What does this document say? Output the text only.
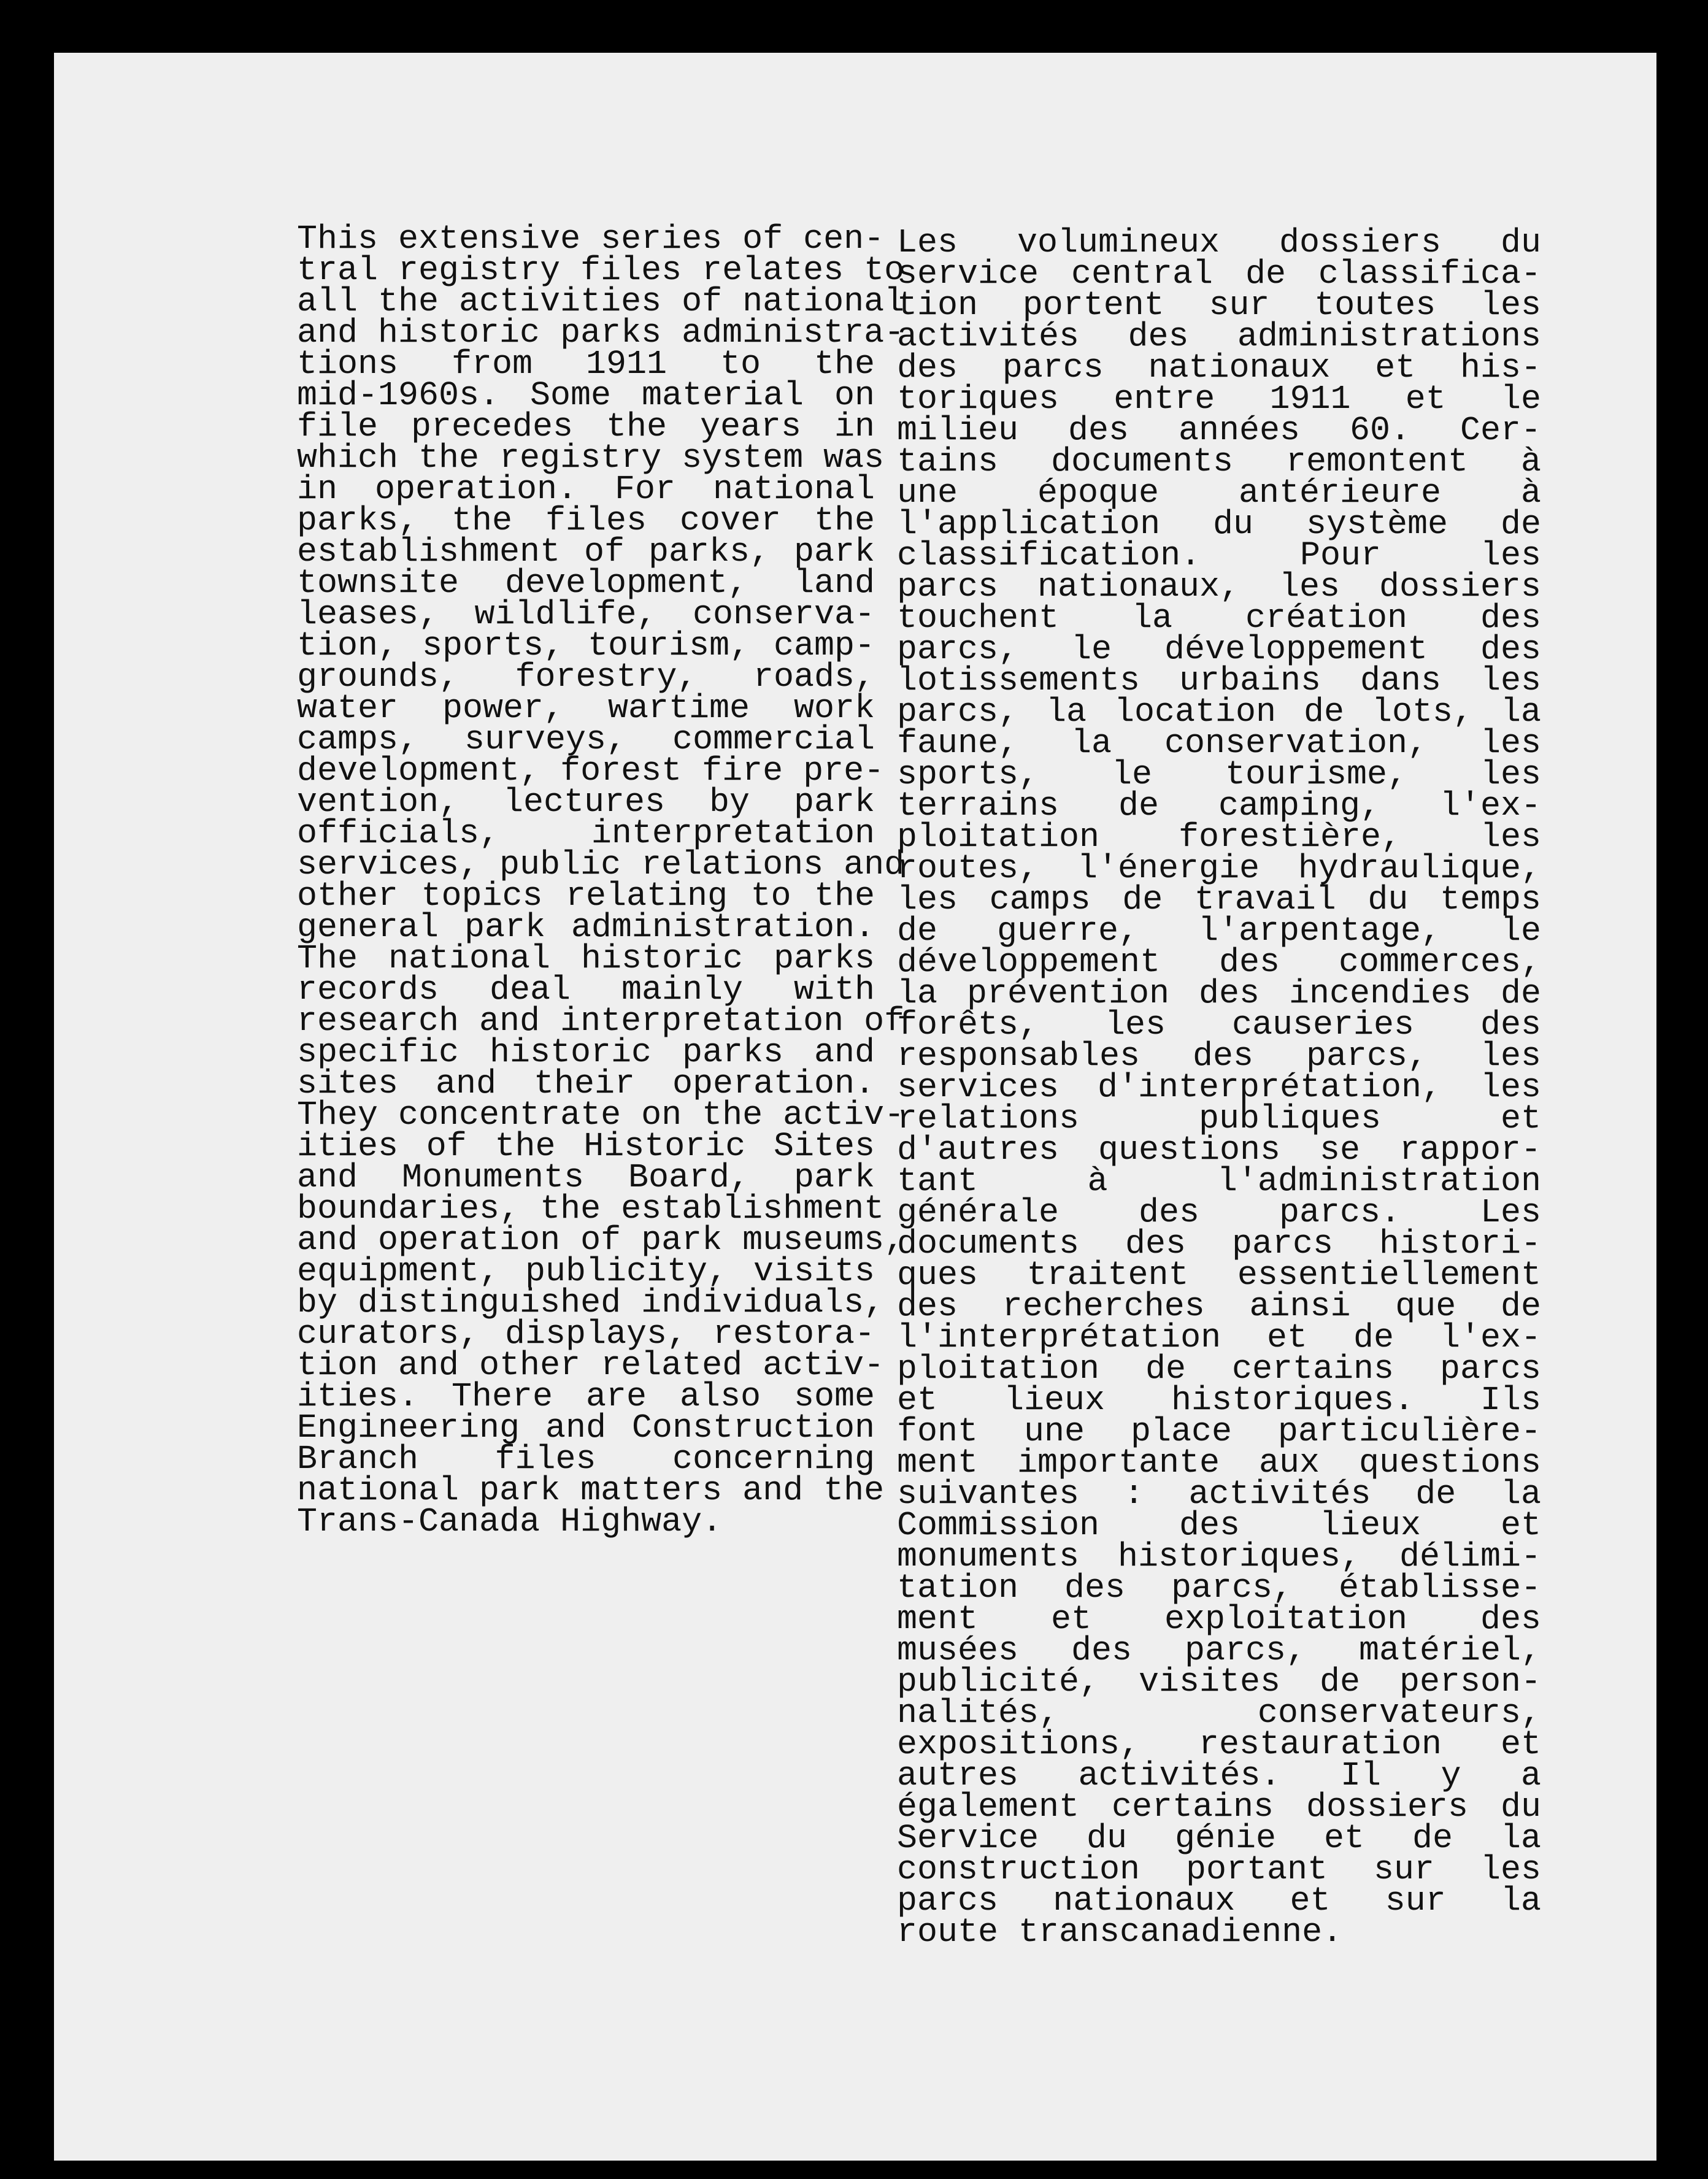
This extensive series of cen-
tral registry files relates to
all the activities of national
and historic parks administra-
tions from 1911 to the
mid-1960s. Some material on
file precedes the years in
which the registry system was
in operation. For national
parks, the files cover the
establishment of parks, park
townsite development, land
leases, wildlife, conserva-
tion, sports, tourism, camp-
grounds, forestry, roads,
water power, wartime work
camps, surveys, commercial
development, forest fire pre-
vention, lectures by park
officials, interpretation
services, public relations and
other topics relating to the
general park administration.
The national historic parks
records deal mainly with
research and interpretation of
specific historic parks and
sites and their operation.
They concentrate on the activ-
ities of the Historic Sites
and Monuments Board, park
boundaries, the establishment
and operation of park museums,
equipment, publicity, visits
by distinguished individuals,
curators, displays, restora-
tion and other related activ-
ities. There are also some
Engineering and Construction
Branch files concerning
national park matters and the
Trans-Canada Highway.
Les volumineux dossiers du
service central de classifica-
tion portent sur toutes les
activités des administrations
des parcs nationaux et his-
toriques entre 1911 et le
milieu des années 60. Cer-
tains documents remontent à
une époque antérieure à
l'application du système de
classification. Pour les
parcs nationaux, les dossiers
touchent la création des
parcs, le développement des
lotissements urbains dans les
parcs, la location de lots, la
faune, la conservation, les
sports, le tourisme, les
terrains de camping, l'ex-
ploitation forestière, les
routes, l'énergie hydraulique,
les camps de travail du temps
de guerre, l'arpentage, le
développement des commerces,
la prévention des incendies de
forêts, les causeries des
responsables des parcs, les
services d'interprétation, les
relations publiques et
d'autres questions se rappor-
tant à l'administration
générale des parcs. Les
documents des parcs histori-
ques traitent essentiellement
des recherches ainsi que de
l'interprétation et de l'ex-
ploitation de certains parcs
et lieux historiques. Ils
font une place particulière-
ment importante aux questions
suivantes : activités de la
Commission des lieux et
monuments historiques, délimi-
tation des parcs, établisse-
ment et exploitation des
musées des parcs, matériel,
publicité, visites de person-
nalités, conservateurs,
expositions, restauration et
autres activités. Il y a
également certains dossiers du
Service du génie et de la
construction portant sur les
parcs nationaux et sur la
route transcanadienne.
